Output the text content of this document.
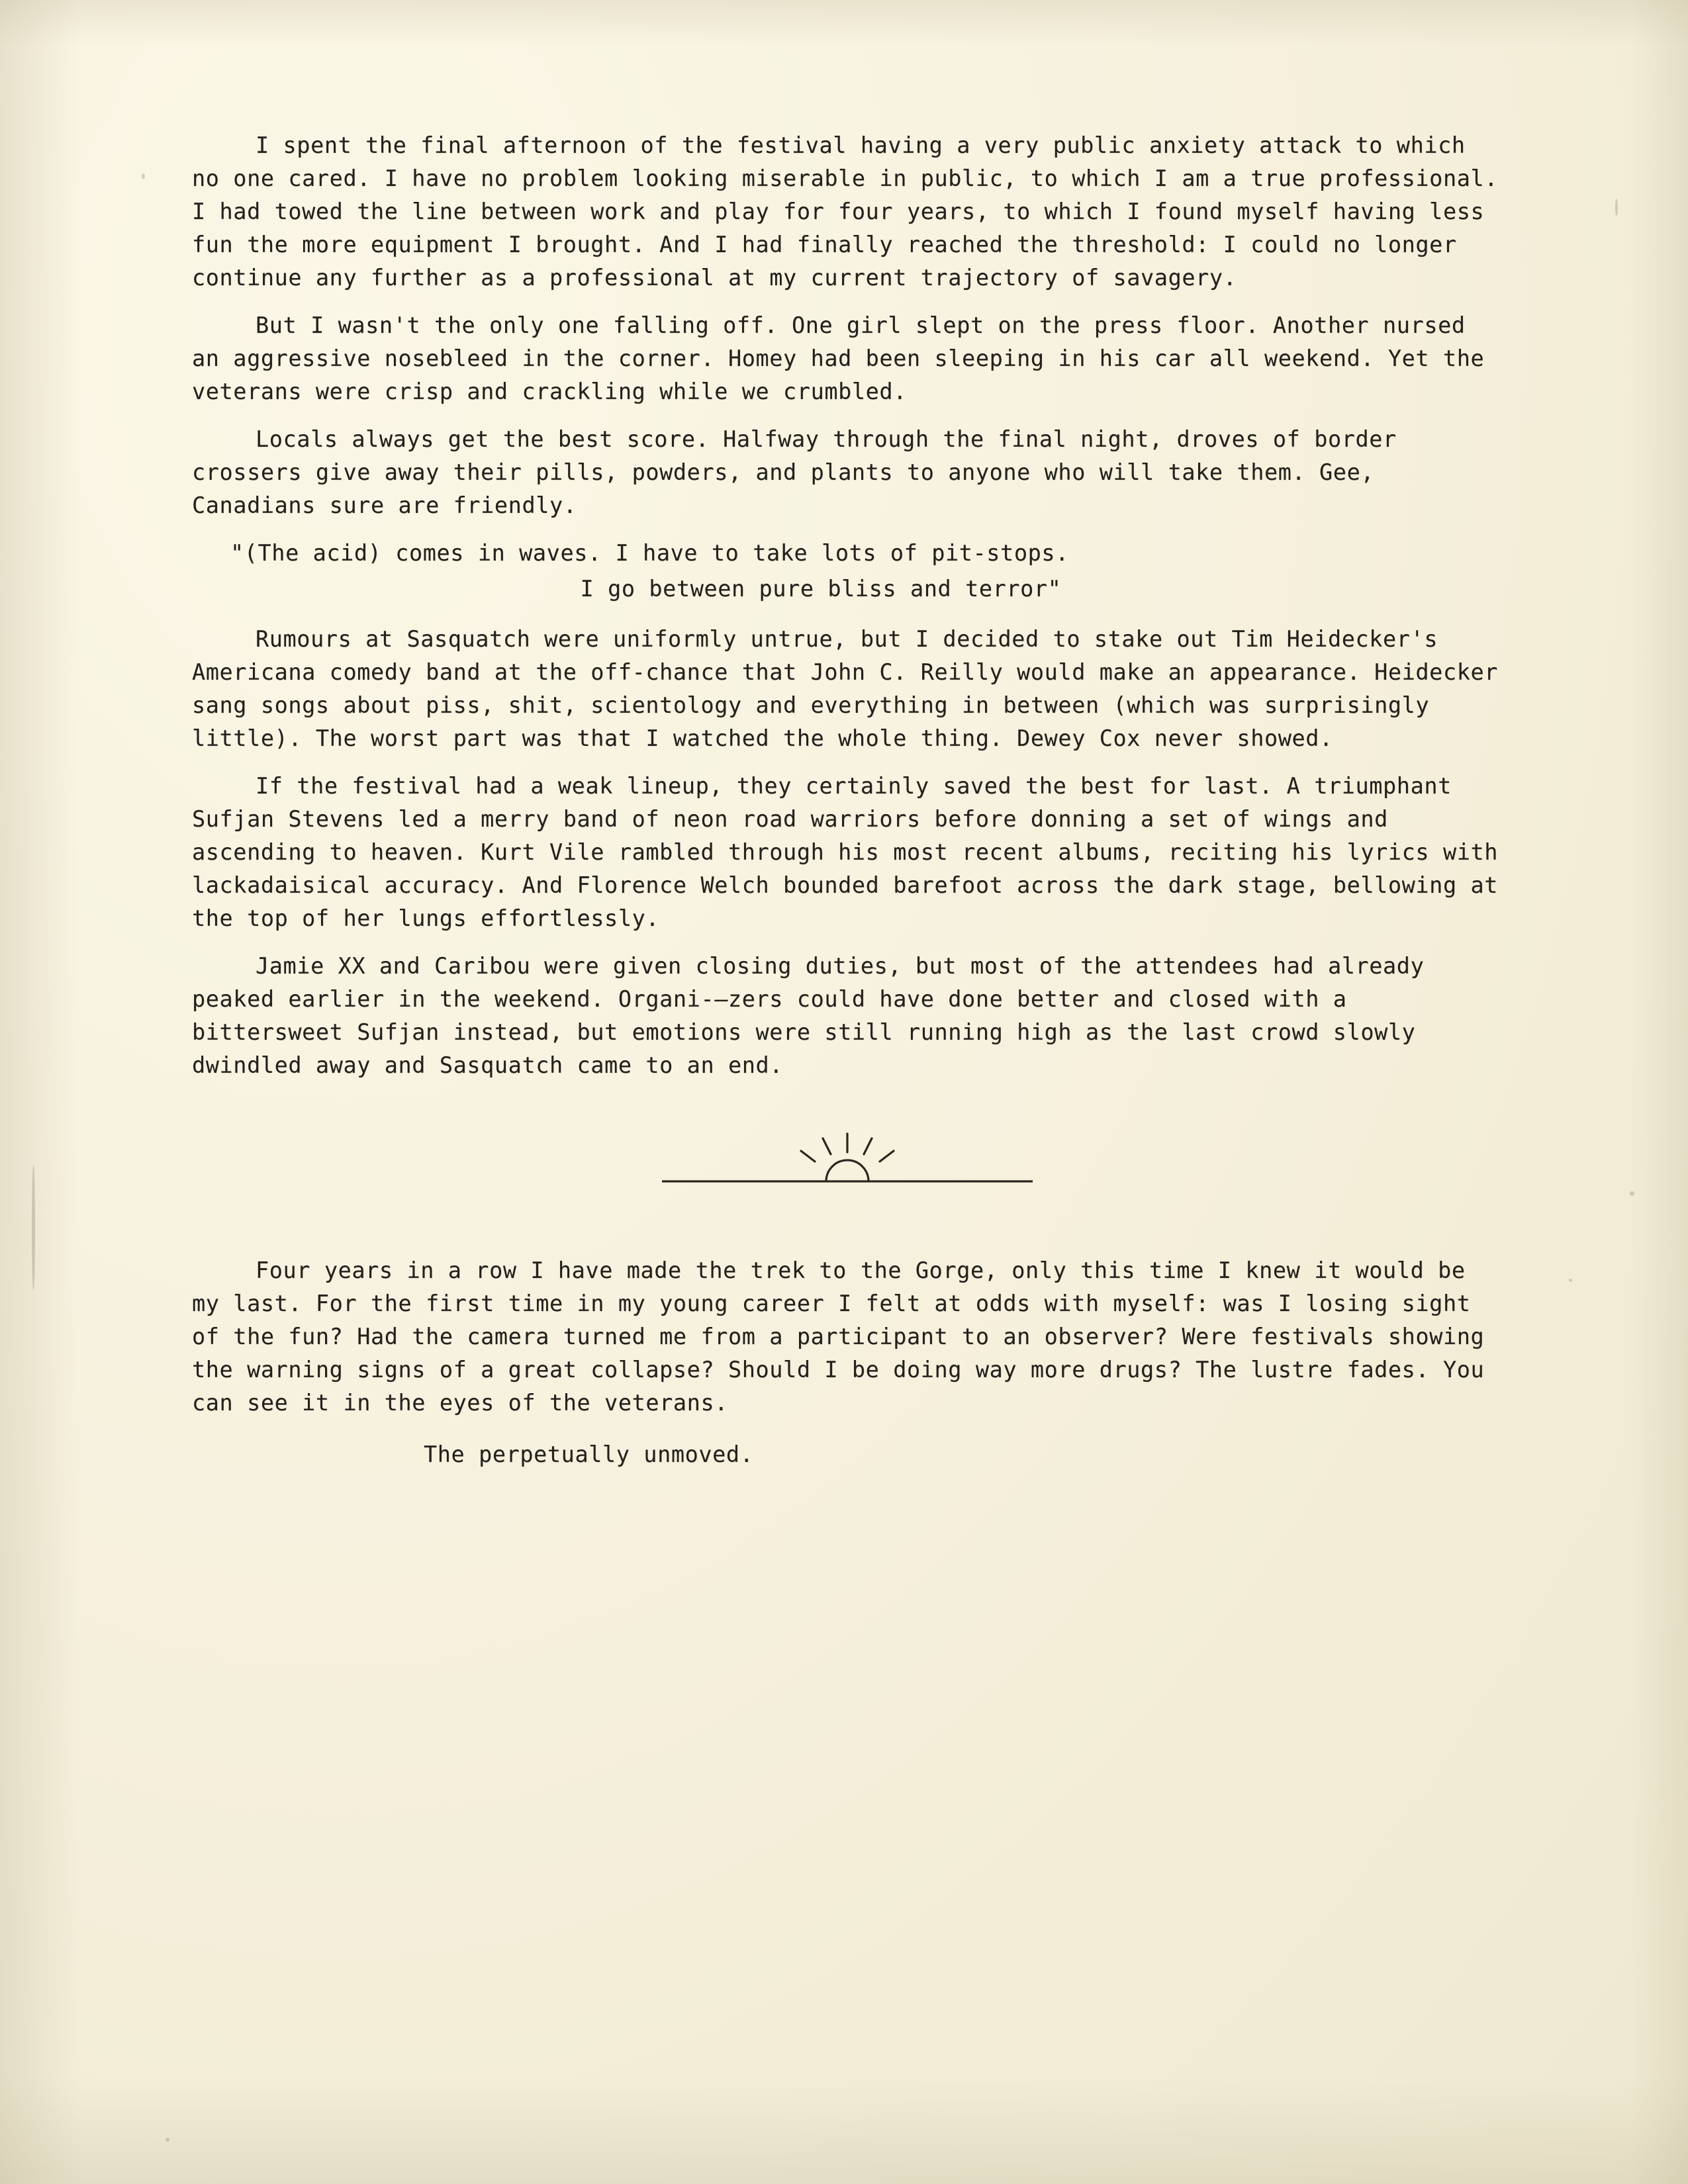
I spent the final afternoon of the festival having a very public anxiety attack to which no one cared. I have no problem looking miserable in public, to which I am a true professional. I had towed the line between work and play for four years, to which I found myself having less fun the more equipment I brought. And I had finally reached the threshold: I could no longer continue any further as a professional at my current trajectory of savagery.

But I wasn't the only one falling off. One girl slept on the press floor. Another nursed an aggressive nosebleed in the corner. Homey had been sleeping in his car all weekend. Yet the veterans were crisp and crackling while we crumbled.

Locals always get the best score. Halfway through the final night, droves of border crossers give away their pills, powders, and plants to anyone who will take them. Gee, Canadians sure are friendly.

"(The acid) comes in waves. I have to take lots of pit-stops.

I go between pure bliss and terror"

Rumours at Sasquatch were uniformly untrue, but I decided to stake out Tim Heidecker's Americana comedy band at the off-chance that John C. Reilly would make an appearance. Heidecker sang songs about piss, shit, scientology and everything in between (which was surprisingly little). The worst part was that I watched the whole thing. Dewey Cox never showed.

If the festival had a weak lineup, they certainly saved the best for last. A triumphant Sufjan Stevens led a merry band of neon road warriors before donning a set of wings and ascending to heaven. Kurt Vile rambled through his most recent albums, reciting his lyrics with lackadaisical accuracy. And Florence Welch bounded barefoot across the dark stage, bellowing at the top of her lungs effortlessly.

Jamie XX and Caribou were given closing duties, but most of the attendees had already peaked earlier in the weekend. Organi-–zers could have done better and closed with a bittersweet Sufjan instead, but emotions were still running high as the last crowd slowly dwindled away and Sasquatch came to an end.

Four years in a row I have made the trek to the Gorge, only this time I knew it would be my last. For the first time in my young career I felt at odds with myself: was I losing sight of the fun? Had the camera turned me from a participant to an observer? Were festivals showing the warning signs of a great collapse? Should I be doing way more drugs? The lustre fades. You can see it in the eyes of the veterans.

The perpetually unmoved.
